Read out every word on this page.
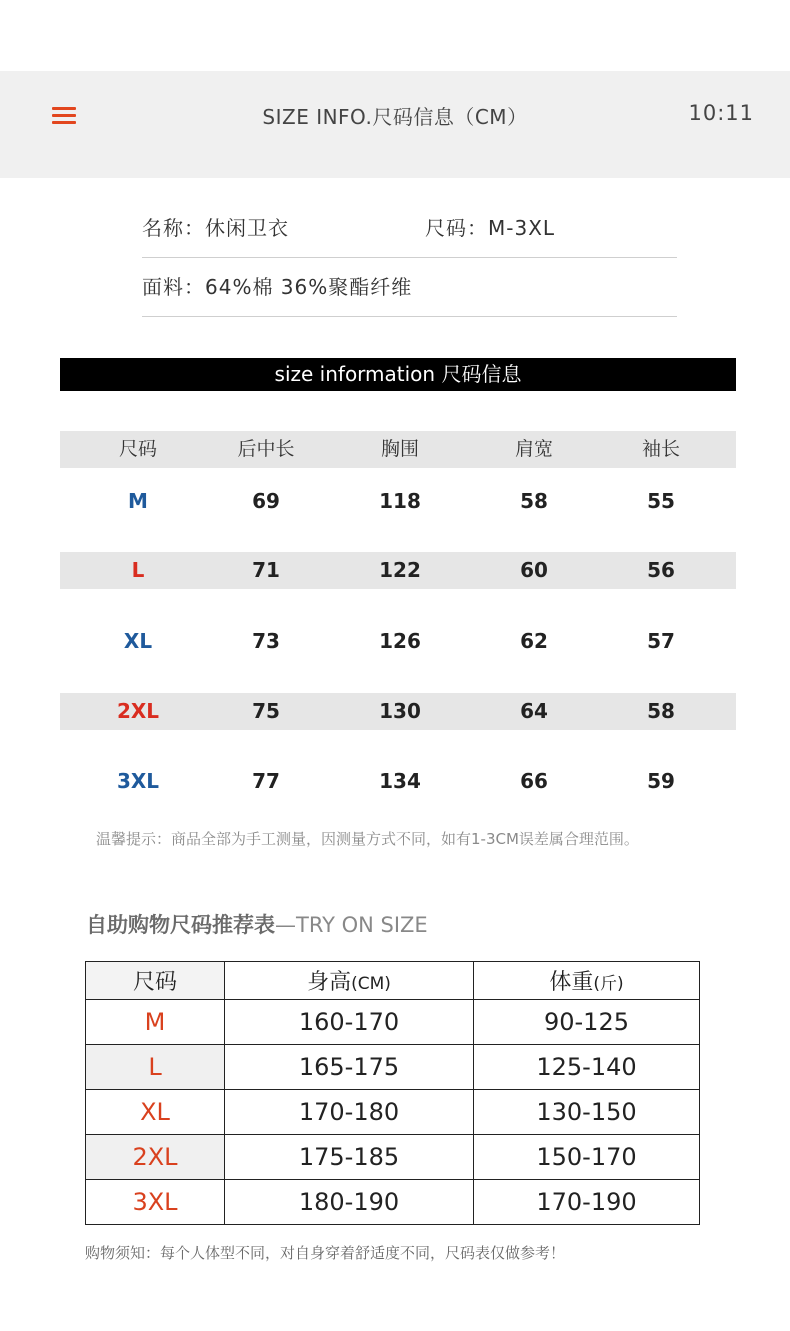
SIZE INFO.尺码信息（CM）	10:11
名称：休闲卫衣	尺码：M-3XL
面料：64%棉 36%聚酯纤维
size information 尺码信息
尺码	后中长	胸围	肩宽	袖长
M	69	118	58	55
L	71	122	60	56
XL	73	126	62	57
2XL	75	130	64	58
3XL	77	134	66	59
温馨提示：商品全部为手工测量，因测量方式不同，如有1-3CM误差属合理范围。
自助购物尺码推荐表—TRY ON SIZE
尺码	身高(CM)	体重(斤)
M	160-170	90-125
L	165-175	125-140
XL	170-180	130-150
2XL	175-185	150-170
3XL	180-190	170-190
购物须知：每个人体型不同，对自身穿着舒适度不同，尺码表仅做参考！
